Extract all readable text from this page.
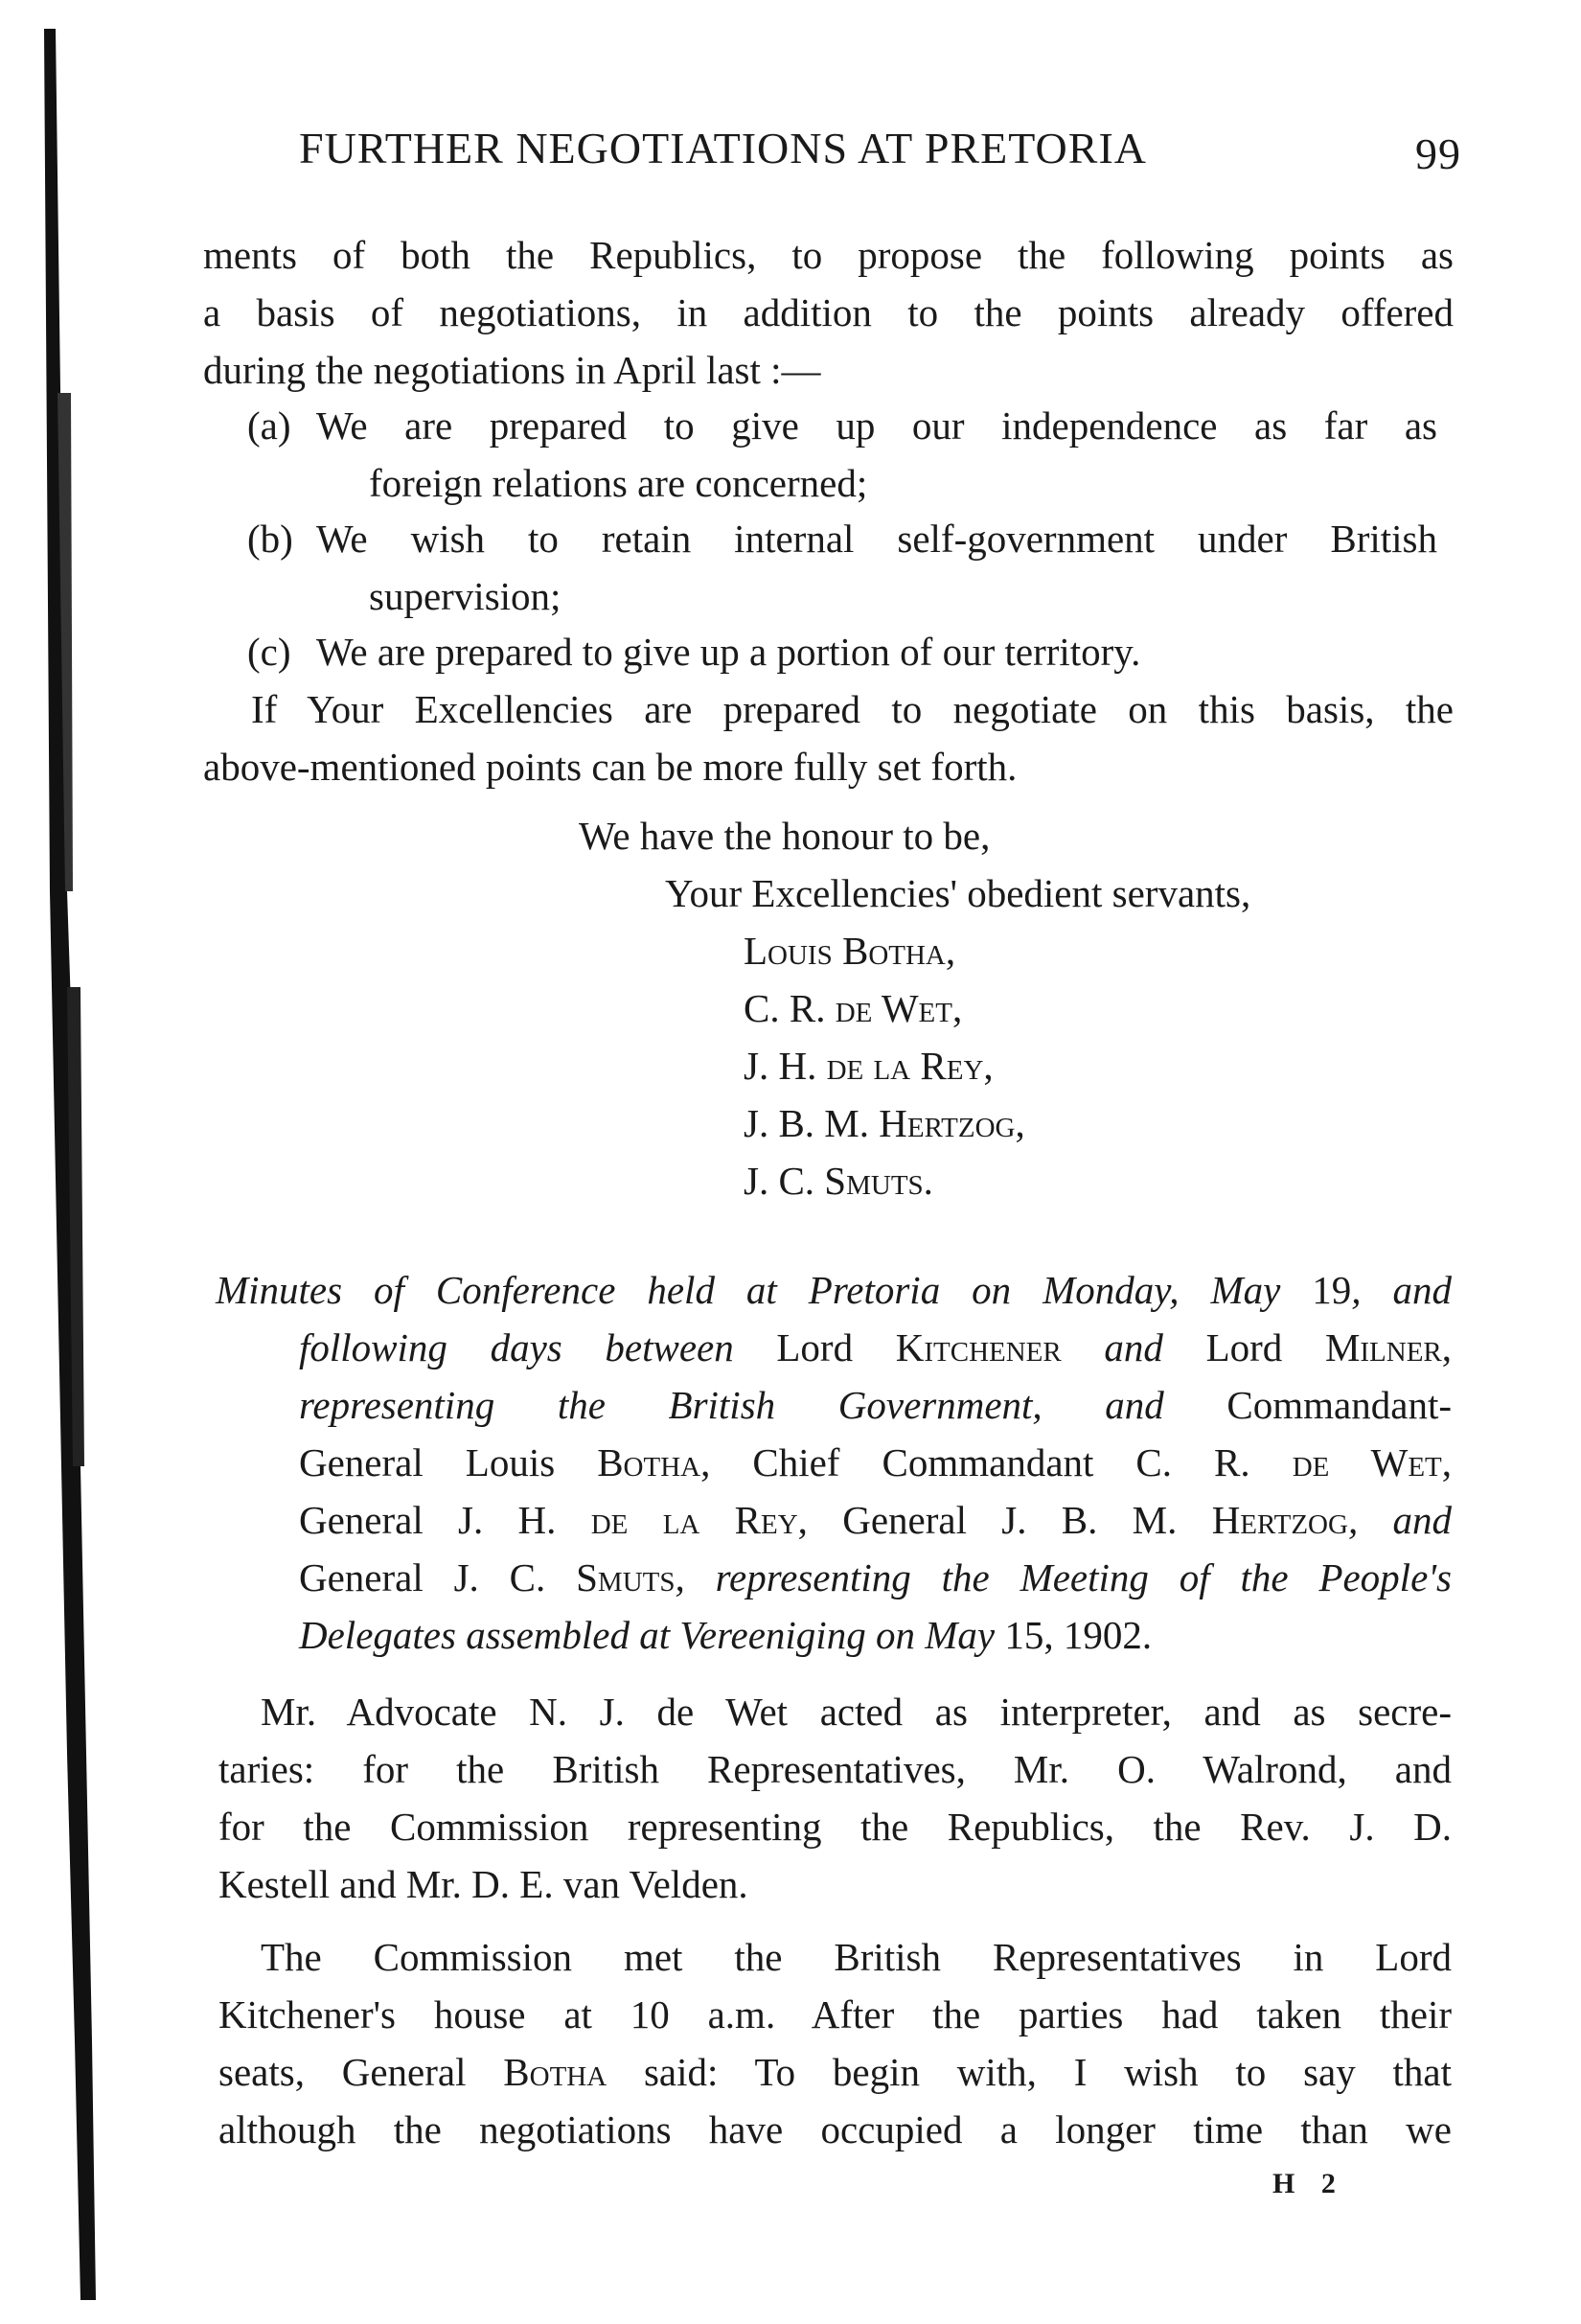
FURTHER NEGOTIATIONS AT PRETORIA	99
ments of both the Republics, to propose the following points as
a basis of negotiations, in addition to the points already offered
during the negotiations in April last :—
(a) We are prepared to give up our independence as far as
foreign relations are concerned;
(b) We wish to retain internal self-government under British
supervision;
(c) We are prepared to give up a portion of our territory.
If Your Excellencies are prepared to negotiate on this basis, the
above-mentioned points can be more fully set forth.
We have the honour to be,
Your Excellencies' obedient servants,
Louis Botha,
C. R. de Wet,
J. H. de la Rey,
J. B. M. Hertzog,
J. C. Smuts.
Minutes of Conference held at Pretoria on Monday, May 19, and
following days between Lord Kitchener and Lord Milner,
representing the British Government, and Commandant-
General Louis Botha, Chief Commandant C. R. de Wet,
General J. H. de la Rey, General J. B. M. Hertzog, and
General J. C. Smuts, representing the Meeting of the People's
Delegates assembled at Vereeniging on May 15, 1902.
Mr. Advocate N. J. de Wet acted as interpreter, and as secre-
taries: for the British Representatives, Mr. O. Walrond, and
for the Commission representing the Republics, the Rev. J. D.
Kestell and Mr. D. E. van Velden.
The Commission met the British Representatives in Lord
Kitchener's house at 10 a.m. After the parties had taken their
seats, General Botha said: To begin with, I wish to say that
although the negotiations have occupied a longer time than we
H 2
